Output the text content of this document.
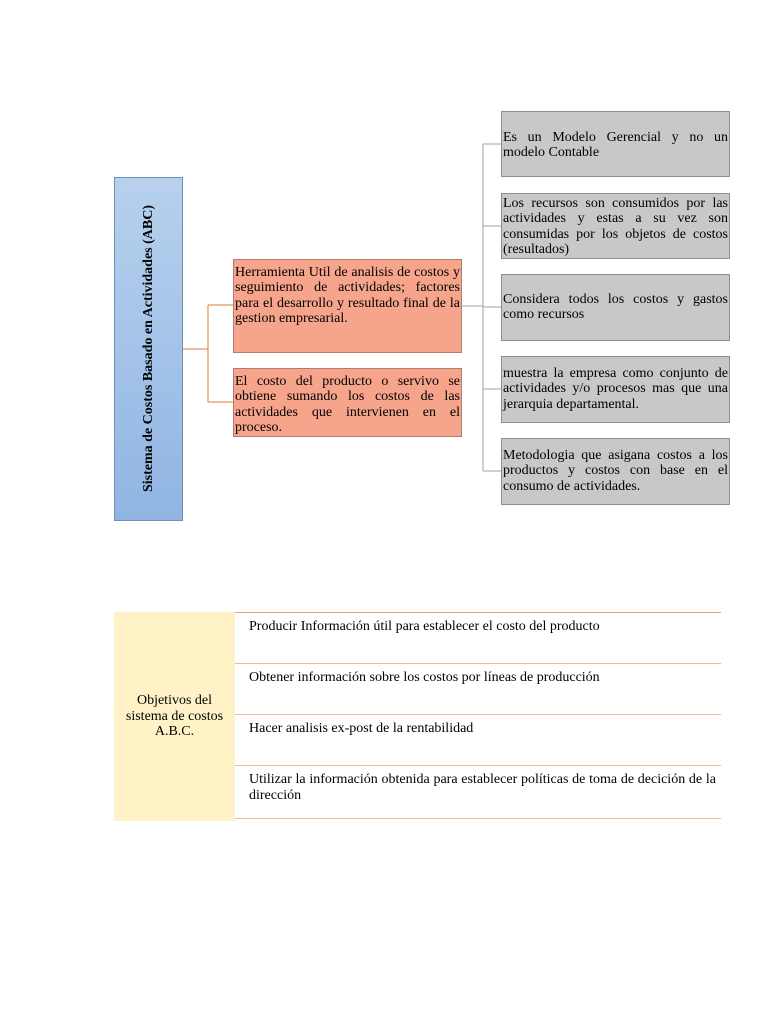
Sistema de Costos Basado en Actividades (ABC)	Herramienta Util de analisis de costos y seguimiento de actividades; factores para el desarrollo y resultado final de la gestion empresarial.
El costo del producto o servivo se obtiene sumando los costos de las actividades que intervienen en el proceso.
Es un Modelo Gerencial y no un modelo Contable
Los recursos son consumidos por las actividades y estas a su vez son consumidas por los objetos de costos (resultados)
Considera todos los costos y gastos como recursos
muestra la empresa como conjunto de actividades y/o procesos mas que una jerarquia departamental.
Metodologia que asigana costos a los productos y costos con base en el consumo de actividades.
Objetivos del sistema de costos A.B.C.
Producir Información útil para establecer el costo del producto
Obtener información sobre los costos por líneas de producción
Hacer analisis ex-post de la rentabilidad
Utilizar la información obtenida para establecer políticas de toma de decición de la dirección
